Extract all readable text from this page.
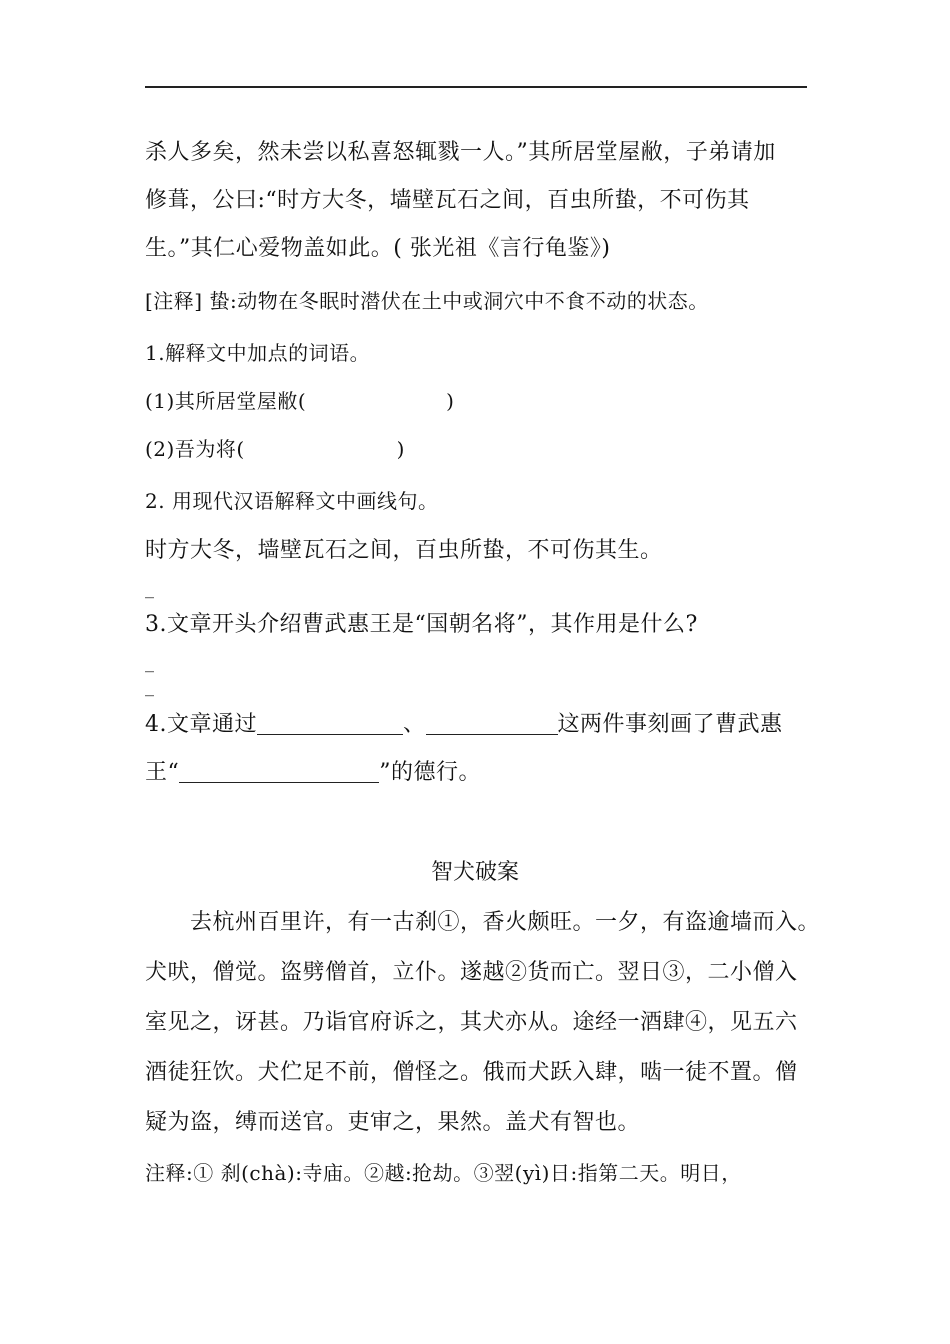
杀人多矣，然未尝以私喜怒辄戮一人。”其所居堂屋敝，子弟请加
修葺，公曰:“时方大冬，墙壁瓦石之间，百虫所蛰，不可伤其
生。”其仁心爱物盖如此。( 张光祖《言行龟鉴》)
[注释] 蛰:动物在冬眠时潜伏在土中或洞穴中不食不动的状态。
1.解释文中加点的词语。
(1)其所居堂屋敝(	)
(2)吾为将(	)
2. 用现代汉语解释文中画线句。
时方大冬，墙壁瓦石之间，百虫所蛰，不可伤其生。
_
3.文章开头介绍曹武惠王是“国朝名将”，其作用是什么?
_
_
4.文章通过	、	这两件事刻画了曹武惠
王“	”的德行。
智犬破案
去杭州百里许，有一古刹①，香火颇旺。一夕，有盗逾墙而入。
犬吠，僧觉。盗劈僧首，立仆。遂越②货而亡。翌日③，二小僧入
室见之，讶甚。乃诣官府诉之，其犬亦从。途经一酒肆④，见五六
酒徒狂饮。犬伫足不前，僧怪之。俄而犬跃入肆，啮一徒不置。僧
疑为盗，缚而送官。吏审之，果然。盖犬有智也。
注释:① 刹(chà):寺庙。②越:抢劫。③翌(yì)日:指第二天。明日，
